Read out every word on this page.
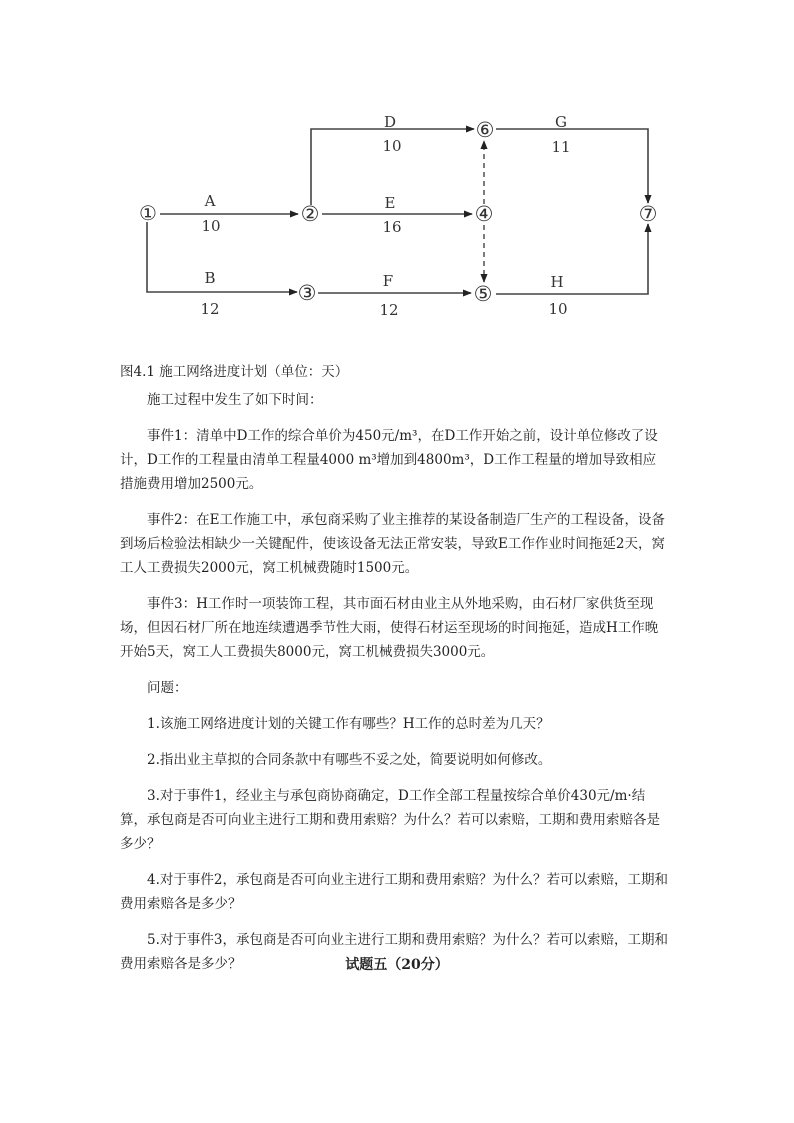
①	②
③
④
⑤
⑥
⑦
A
B
D
E
F
G
H
10
12
10
16
12
11
10
图4.1 施工网络进度计划（单位：天）

施工过程中发生了如下时间：

事件1：清单中D工作的综合单价为450元/m³，在D工作开始之前，设计单位修改了设计，D工作的工程量由清单工程量4000 m³增加到4800m³，D工作工程量的增加导致相应措施费用增加2500元。

事件2：在E工作施工中，承包商采购了业主推荐的某设备制造厂生产的工程设备，设备到场后检验法相缺少一关键配件，使该设备无法正常安装，导致E工作作业时间拖延2天，窝工人工费损失2000元，窝工机械费随时1500元。

事件3：H工作时一项装饰工程，其市面石材由业主从外地采购，由石材厂家供货至现场，但因石材厂所在地连续遭遇季节性大雨，使得石材运至现场的时间拖延，造成H工作晚开始5天，窝工人工费损失8000元，窝工机械费损失3000元。

问题：

1.该施工网络进度计划的关键工作有哪些？H工作的总时差为几天？

2.指出业主草拟的合同条款中有哪些不妥之处，简要说明如何修改。

3.对于事件1，经业主与承包商协商确定，D工作全部工程量按综合单价430元/m·结算，承包商是否可向业主进行工期和费用索赔？为什么？若可以索赔，工期和费用索赔各是多少？

4.对于事件2，承包商是否可向业主进行工期和费用索赔？为什么？若可以索赔，工期和费用索赔各是多少？

5.对于事件3，承包商是否可向业主进行工期和费用索赔？为什么？若可以索赔，工期和费用索赔各是多少？	试题五（20分）
